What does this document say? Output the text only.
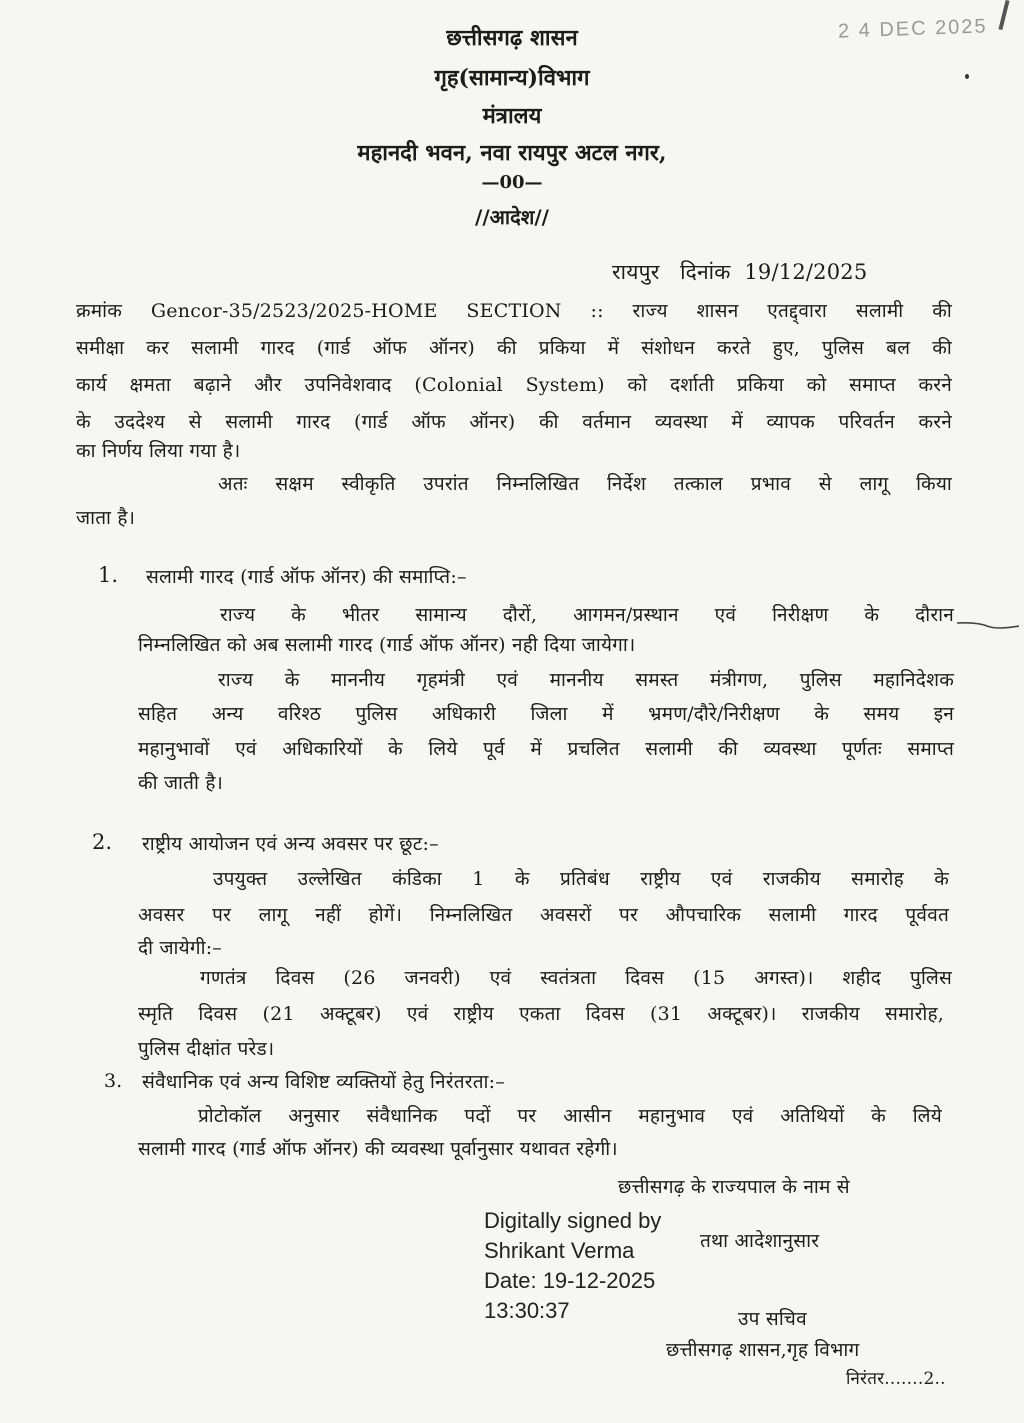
छत्तीसगढ़ शासन
गृह(सामान्य)विभाग
मंत्रालय
महानदी भवन, नवा रायपुर अटल नगर,
—00—
//आदेश//
2 4 DEC 2025
रायपुर दिनांक 19/12/2025
क्रमांक Gencor-35/2523/2025-HOME SECTION :: राज्य शासन एतद्द्वारा सलामी की
समीक्षा कर सलामी गारद (गार्ड ऑफ ऑनर) की प्रकिया में संशोधन करते हुए, पुलिस बल की
कार्य क्षमता बढ़ाने और उपनिवेशवाद (Colonial System) को दर्शाती प्रकिया को समाप्त करने
के उददेश्य से सलामी गारद (गार्ड ऑफ ऑनर) की वर्तमान व्यवस्था में व्यापक परिवर्तन करने
का निर्णय लिया गया है।
अतः सक्षम स्वीकृति उपरांत निम्नलिखित निर्देश तत्काल प्रभाव से लागू किया
जाता है।
1. सलामी गारद (गार्ड ऑफ ऑनर) की समाप्ति:–
राज्य के भीतर सामान्य दौरों, आगमन/प्रस्थान एवं निरीक्षण के दौरान
निम्नलिखित को अब सलामी गारद (गार्ड ऑफ ऑनर) नही दिया जायेगा।
राज्य के माननीय गृहमंत्री एवं माननीय समस्त मंत्रीगण, पुलिस महानिदेशक
सहित अन्य वरिश्ठ पुलिस अधिकारी जिला में भ्रमण/दौरे/निरीक्षण के समय इन
महानुभावों एवं अधिकारियों के लिये पूर्व में प्रचलित सलामी की व्यवस्था पूर्णतः समाप्त
की जाती है।
2. राष्ट्रीय आयोजन एवं अन्य अवसर पर छूट:–
उपयुक्त उल्लेखित कंडिका 1 के प्रतिबंध राष्ट्रीय एवं राजकीय समारोह के
अवसर पर लागू नहीं होगें। निम्नलिखित अवसरों पर औपचारिक सलामी गारद पूर्ववत
दी जायेगी:–
गणतंत्र दिवस (26 जनवरी) एवं स्वतंत्रता दिवस (15 अगस्त)। शहीद पुलिस
स्मृति दिवस (21 अक्टूबर) एवं राष्ट्रीय एकता दिवस (31 अक्टूबर)। राजकीय समारोह,
पुलिस दीक्षांत परेड।
3. संवैधानिक एवं अन्य विशिष्ट व्यक्तियों हेतु निरंतरता:–
प्रोटोकॉल अनुसार संवैधानिक पदों पर आसीन महानुभाव एवं अतिथियों के लिये
सलामी गारद (गार्ड ऑफ ऑनर) की व्यवस्था पूर्वानुसार यथावत रहेगी।
छत्तीसगढ़ के राज्यपाल के नाम से
तथा आदेशानुसार
Digitally signed by
Shrikant Verma
Date: 19-12-2025
13:30:37	उप सचिव
छत्तीसगढ़ शासन,गृह विभाग
निरंतर.......2..
